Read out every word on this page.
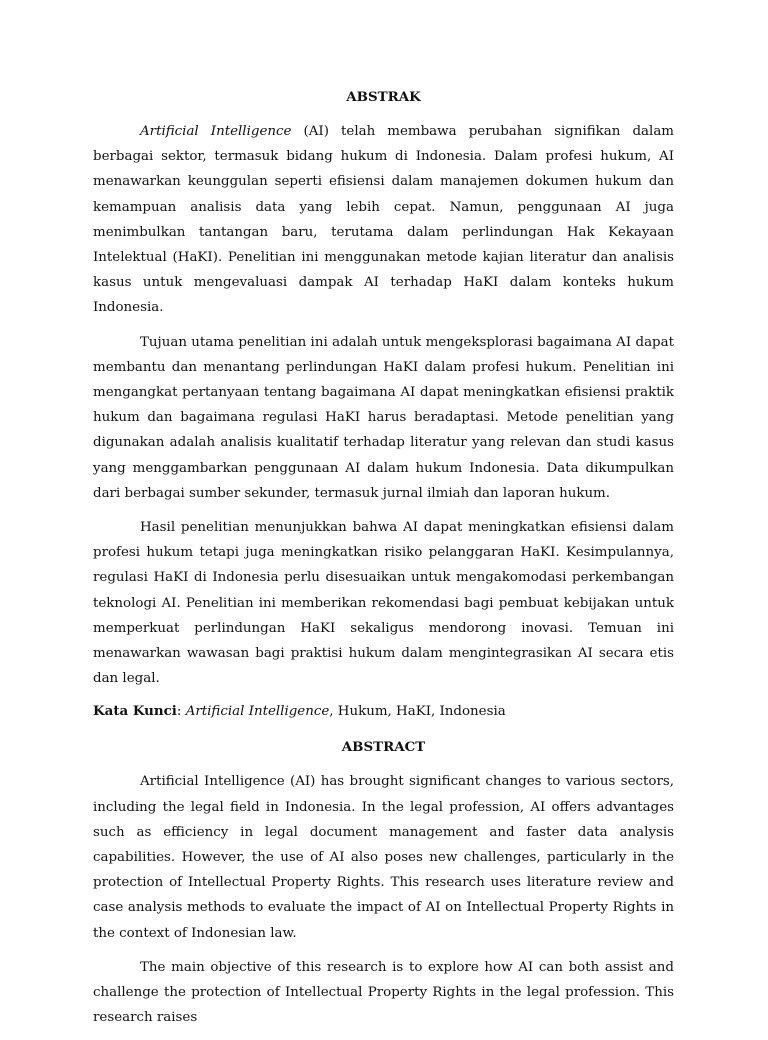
ABSTRAK

Artificial Intelligence (AI) telah membawa perubahan signifikan dalam berbagai sektor, termasuk bidang hukum di Indonesia. Dalam profesi hukum, AI menawarkan keunggulan seperti efisiensi dalam manajemen dokumen hukum dan kemampuan analisis data yang lebih cepat. Namun, penggunaan AI juga menimbulkan tantangan baru, terutama dalam perlindungan Hak Kekayaan Intelektual (HaKI). Penelitian ini menggunakan metode kajian literatur dan analisis kasus untuk mengevaluasi dampak AI terhadap HaKI dalam konteks hukum Indonesia.

Tujuan utama penelitian ini adalah untuk mengeksplorasi bagaimana AI dapat membantu dan menantang perlindungan HaKI dalam profesi hukum. Penelitian ini mengangkat pertanyaan tentang bagaimana AI dapat meningkatkan efisiensi praktik hukum dan bagaimana regulasi HaKI harus beradaptasi. Metode penelitian yang digunakan adalah analisis kualitatif terhadap literatur yang relevan dan studi kasus yang menggambarkan penggunaan AI dalam hukum Indonesia. Data dikumpulkan dari berbagai sumber sekunder, termasuk jurnal ilmiah dan laporan hukum.

Hasil penelitian menunjukkan bahwa AI dapat meningkatkan efisiensi dalam profesi hukum tetapi juga meningkatkan risiko pelanggaran HaKI. Kesimpulannya, regulasi HaKI di Indonesia perlu disesuaikan untuk mengakomodasi perkembangan teknologi AI. Penelitian ini memberikan rekomendasi bagi pembuat kebijakan untuk memperkuat perlindungan HaKI sekaligus mendorong inovasi. Temuan ini menawarkan wawasan bagi praktisi hukum dalam mengintegrasikan AI secara etis dan legal.

Kata Kunci: Artificial Intelligence, Hukum, HaKI, Indonesia
ABSTRACT

Artificial Intelligence (AI) has brought significant changes to various sectors, including the legal field in Indonesia. In the legal profession, AI offers advantages such as efficiency in legal document management and faster data analysis capabilities. However, the use of AI also poses new challenges, particularly in the protection of Intellectual Property Rights. This research uses literature review and case analysis methods to evaluate the impact of AI on Intellectual Property Rights in the context of Indonesian law.

The main objective of this research is to explore how AI can both assist and challenge the protection of Intellectual Property Rights in the legal profession. This research raises
